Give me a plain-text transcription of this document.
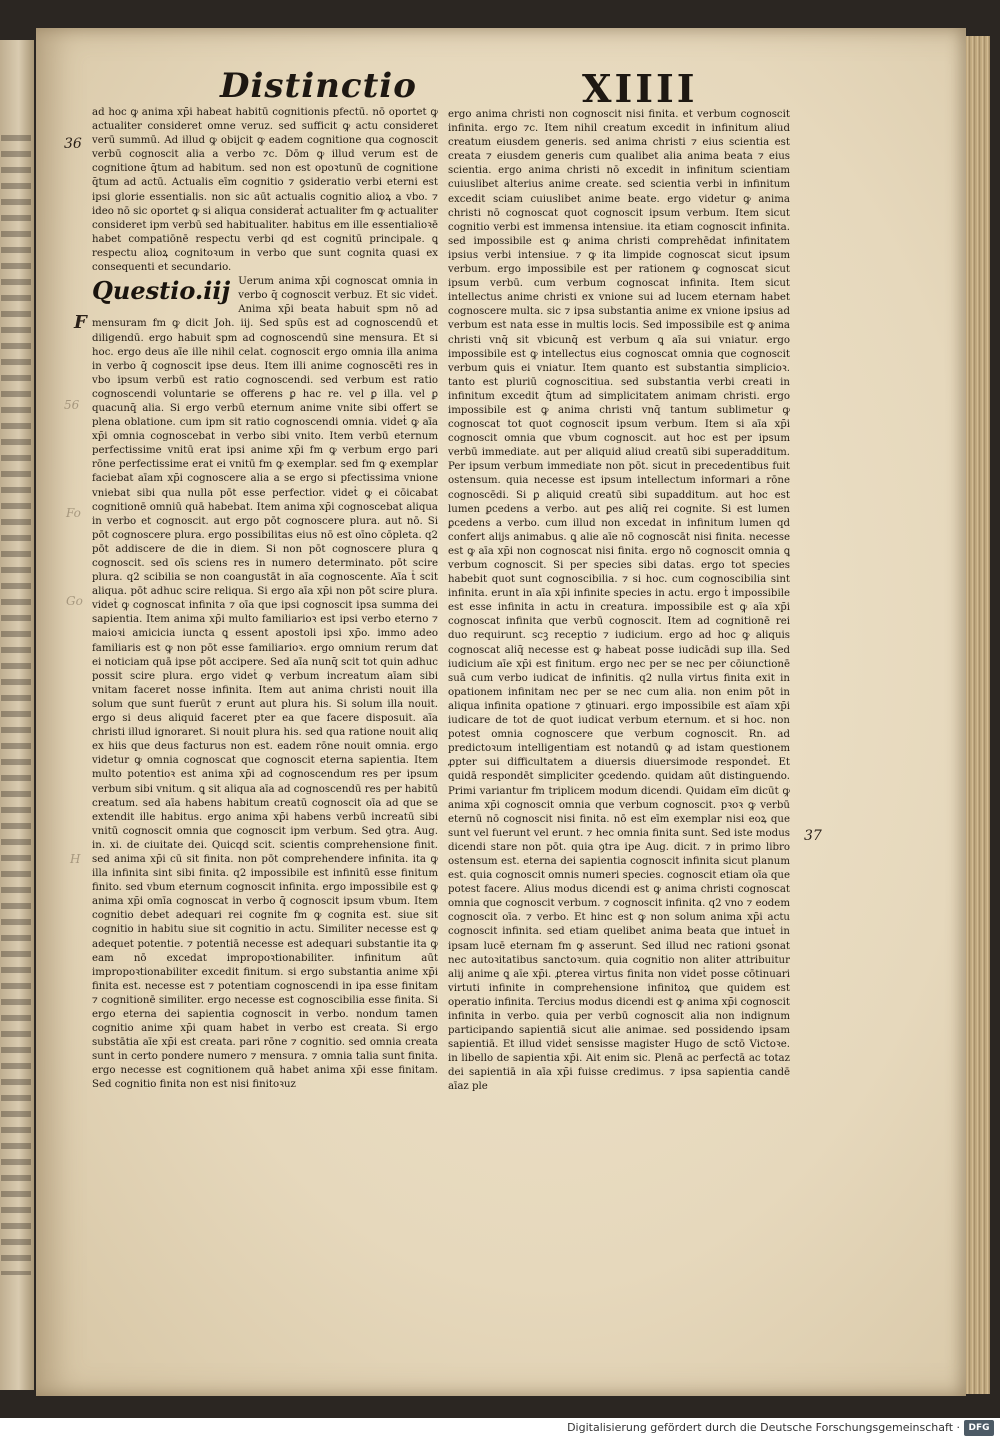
Distinctio	XIIII
36
F
37
56
Fo
Go
H

ad hoc ꝙ anima xp̄i habeat habitū cognitionis pfectū. nō oportet ꝙ actualiter consideret omne veruz. sed sufficit ꝙ actu consideret verū summū. Ad illud ꝙ obijcit ꝙ eadem cognitione qua cognoscit verbū cognoscit alia a verbo ⁊c. Dōm ꝙ illud verum est de cognitione q̄tum ad habitum. sed non est opoꝛtunū de cognitione q̄tum ad actū. Actualis eīm cognitio ⁊ ꝯsideratio verbi eterni est ipsi glorie essentialis. non sic aūt actualis cognitio alioꝝ a vbo. ⁊ ideo nō sic oportet ꝙ si aliqua consideraṫ actualiter fm ꝙ actualiter consideret ipm verbū sed habitualiter. habitus em ille essentialioꝛē habet compatiōnē respectu verbi qd est cognitū principale. ꝗ respectu alioꝝ cognitoꝛum in verbo que sunt cognita quasi ex consequenti et secundario.

Questio.iij Uerum anima xp̄i cognoscat omnia in verbo q̄ cognoscit verbuz. Et sic videṫ. Anima xp̄i beata habuit spm nō ad mensuram fm ꝙ dicit Joh. iij. Sed spūs est ad cognoscendū et diligendū. ergo habuit spm ad cognoscendū sine mensura. Et si hoc. ergo deus aīe ille nihil celat. cognoscit ergo omnia illa anima in verbo q̄ cognoscit ipse deus. Item illi anime cognoscēti res in vbo ipsum verbū est ratio cognoscendi. sed verbum est ratio cognoscendi voluntarie se offerens ꝑ hac re. vel ꝑ illa. vel ꝑ quacunq̄ alia. Si ergo verbū eternum anime vnite sibi offert se plena oblatione. cum ipm sit ratio cognoscendi omnia. videṫ ꝙ aīa xp̄i omnia cognoscebat in verbo sibi vnito. Item verbū eternum perfectissime vnitū erat ipsi anime xp̄i fm ꝙ verbum ergo pari rōne perfectissime erat ei vnitū fm ꝙ exemplar. sed fm ꝙ exemplar faciebat aīam xp̄i cognoscere alia a se ergo si pfectissima vnione vniebat sibi qua nulla pōt esse perfectior. videṫ ꝙ ei cōicabat cognitionē omniū quā habebat. Item anima xp̄i cognoscebat aliqua in verbo et cognoscit. aut ergo pōt cognoscere plura. aut nō. Si pōt cognoscere plura. ergo possibilitas eius nō est oīno cōpleta. q2 pōt addiscere de die in diem. Si non pōt cognoscere plura ꝗ cognoscit. sed oīs sciens res in numero determinato. pōt scire plura. q2 scibilia se non coangustāt in aīa cognoscente. Aīa ṫ scit aliqua. pōt adhuc scire reliqua. Si ergo aīa xp̄i non pōt scire plura. videṫ ꝙ cognoscat infinita ⁊ oīa que ipsi cognoscit ipsa summa dei sapientia. Item anima xp̄i multo familiarioꝛ est ipsi verbo eterno ⁊ maioꝛi amicicia iuncta ꝗ essent apostoli ipsi xp̄o. immo adeo familiaris est ꝙ non pōt esse familiarioꝛ. ergo omnium rerum dat ei noticiam quā ipse pōt accipere. Sed aīa nunq̄ scit tot quin adhuc possit scire plura. ergo videṫ ꝙ verbum increatum aīam sibi vnitam faceret nosse infinita. Item aut anima christi nouit illa solum que sunt fuerūt ⁊ erunt aut plura his. Si solum illa nouit. ergo si deus aliquid faceret pter ea que facere disposuit. aīa christi illud ignoraret. Si nouit plura his. sed qua ratione nouit aliq ex hiis que deus facturus non est. eadem rōne nouit omnia. ergo videtur ꝙ omnia cognoscat que cognoscit eterna sapientia. Item multo potentioꝛ est anima xp̄i ad cognoscendum res per ipsum verbum sibi vnitum. ꝗ sit aliqua aīa ad cognoscendū res per habitū creatum. sed aīa habens habitum creatū cognoscit oīa ad que se extendit ille habitus. ergo anima xp̄i habens verbū increatū sibi vnitū cognoscit omnia que cognoscit ipm verbum. Sed ꝯtra. Aug. in. xi. de ciuitate dei. Quicqd scit. scientis comprehensione finit. sed anima xp̄i cū sit finita. non pōt comprehendere infinita. ita ꝙ illa infinita sint sibi finita. q2 impossibile est infinitū esse finitum finito. sed vbum eternum cognoscit infinita. ergo impossibile est ꝙ anima xp̄i omīa cognoscat in verbo q̄ cognoscit ipsum vbum. Item cognitio debet adequari rei cognite fm ꝙ cognita est. siue sit cognitio in habitu siue sit cognitio in actu. Similiter necesse est ꝙ adequet potentie. ⁊ potentiā necesse est adequari substantie ita ꝙ eam nō excedat impropoꝛtionabiliter. infinitum aūt impropoꝛtionabiliter excedit finitum. si ergo substantia anime xp̄i finita est. necesse est ⁊ potentiam cognoscendi in ipa esse finitam ⁊ cognitionē similiter. ergo necesse est cognoscibilia esse finita. Si ergo eterna dei sapientia cognoscit in verbo. nondum tamen cognitio anime xp̄i quam habet in verbo est creata. Si ergo substātia aīe xp̄i est creata. pari rōne ⁊ cognitio. sed omnia creata sunt in certo pondere numero ⁊ mensura. ⁊ omnia talia sunt finita. ergo necesse est cognitionem quā habet anima xp̄i esse finitam. Sed cognitio finita non est nisi finitoꝛuz

ergo anima christi non cognoscit nisi finita. et verbum cognoscit infinita. ergo ⁊c. Item nihil creatum excedit in infinitum aliud creatum eiusdem generis. sed anima christi ⁊ eius scientia est creata ⁊ eiusdem generis cum qualibet alia anima beata ⁊ eius scientia. ergo anima christi nō excedit in infinitum scientiam cuiuslibet alterius anime create. sed scientia verbi in infinitum excedit sciam cuiuslibet anime beate. ergo videtur ꝙ anima christi nō cognoscat quot cognoscit ipsum verbum. Item sicut cognitio verbi est immensa intensiue. ita etiam cognoscit infinita. sed impossibile est ꝙ anima christi comprehēdat infinitatem ipsius verbi intensiue. ⁊ ꝙ ita limpide cognoscat sicut ipsum verbum. ergo impossibile est per rationem ꝙ cognoscat sicut ipsum verbū. cum verbum cognoscat infinita. Item sicut intellectus anime christi ex vnione sui ad lucem eternam habet cognoscere multa. sic ⁊ ipsa substantia anime ex vnione ipsius ad verbum est nata esse in multis locis. Sed impossibile est ꝙ anima christi vnq̄ sit vbicunq̄ est verbum ꝗ aīa sui vniatur. ergo impossibile est ꝙ intellectus eius cognoscat omnia que cognoscit verbum ꝗuis ei vniatur. Item quanto est substantia simplicioꝛ. tanto est pluriū cognoscitiua. sed substantia verbi creati in infinitum excedit q̄tum ad simplicitatem animam christi. ergo impossibile est ꝙ anima christi vnq̄ tantum sublimetur ꝙ cognoscat tot quot cognoscit ipsum verbum. Item si aīa xp̄i cognoscit omnia que vbum cognoscit. aut hoc est per ipsum verbū immediate. aut per aliquid aliud creatū sibi superadditum. Per ipsum verbum immediate non pōt. sicut in precedentibus fuit ostensum. quia necesse est ipsum intellectum informari a rōne cognoscēdi. Si ꝑ aliquid creatū sibi supadditum. aut hoc est lumen ꝑcedens a verbo. aut ꝑes aliq̄ rei cognite. Si est lumen ꝑcedens a verbo. cum illud non excedat in infinitum lumen qd confert alijs animabus. ꝗ alie aīe nō cognoscāt nisi finita. necesse est ꝙ aīa xp̄i non cognoscat nisi finita. ergo nō cognoscit omnia ꝗ verbum cognoscit. Si per species sibi datas. ergo tot species habebit quot sunt cognoscibilia. ⁊ si hoc. cum cognoscibilia sint infinita. erunt in aīa xp̄i infinite species in actu. ergo ṫ impossibile est esse infinita in actu in creatura. impossibile est ꝙ aīa xp̄i cognoscat infinita que verbū cognoscit. Item ad cognitionē rei duo requirunt. scꝫ receptio ⁊ iudicium. ergo ad hoc ꝙ aliquis cognoscat aliq̄ necesse est ꝙ habeat posse iudicādi sup illa. Sed iudicium aīe xp̄i est finitum. ergo nec per se nec per cōiunctionē suā cum verbo iudicat de infinitis. q2 nulla virtus finita exit in opationem infinitam nec per se nec cum alia. non enim pōt in aliqua infinita opatione ⁊ ꝯtinuari. ergo impossibile est aīam xp̄i iudicare de tot de quot iudicat verbum eternum. et si hoc. non potest omnia cognoscere que verbum cognoscit. Rn. ad predictoꝛum intelligentiam est notandū ꝙ ad istam questionem ꝓpter sui difficultatem a diuersis diuersimode respondeṫ. Et quidā respondēt simpliciter ꝯcedendo. quidam aūt distinguendo. Primi variantur fm triplicem modum dicendi. Quidam eīm dicūt ꝙ anima xp̄i cognoscit omnia que verbum cognoscit. pꝛoꝛ ꝙ verbū eternū nō cognoscit nisi finita. nō est eīm exemplar nisi eoꝝ que sunt vel fuerunt vel erunt. ⁊ hec omnia finita sunt. Sed iste modus dicendi stare non pōt. quia ꝯtra ipe Aug. dicit. ⁊ in primo libro ostensum est. eterna dei sapientia cognoscit infinita sicut planum est. quia cognoscit omnis numeri species. cognoscit etiam oīa que potest facere. Alius modus dicendi est ꝙ anima christi cognoscat omnia que cognoscit verbum. ⁊ cognoscit infinita. q2 vno ⁊ eodem cognoscit oīa. ⁊ verbo. Et hinc est ꝙ non solum anima xp̄i actu cognoscit infinita. sed etiam quelibet anima beata que intueṫ in ipsam lucē eternam fm ꝙ asserunt. Sed illud nec rationi ꝯsonat nec autoꝛitatibus sanctoꝛum. quia cognitio non aliter attribuitur alij anime ꝗ aīe xp̄i. ꝓterea virtus finita non videṫ posse cōtinuari virtuti infinite in comprehensione infinitoꝝ que quidem est operatio infinita. Tercius modus dicendi est ꝙ anima xp̄i cognoscit infinita in verbo. quia per verbū cognoscit alia non indignum participando sapientiā sicut alie animae. sed possidendo ipsam sapientiā. Et illud videṫ sensisse magister Hugo de sctō Victoꝛe. in libello de sapientia xp̄i. Ait enim sic. Plenā ac perfectā ac totaz dei sapientiā in aīa xp̄i fuisse credimus. ⁊ ipsa sapientia candē aīaz ple

Digitalisierung gefördert durch die Deutsche Forschungsgemeinschaft · DFG
